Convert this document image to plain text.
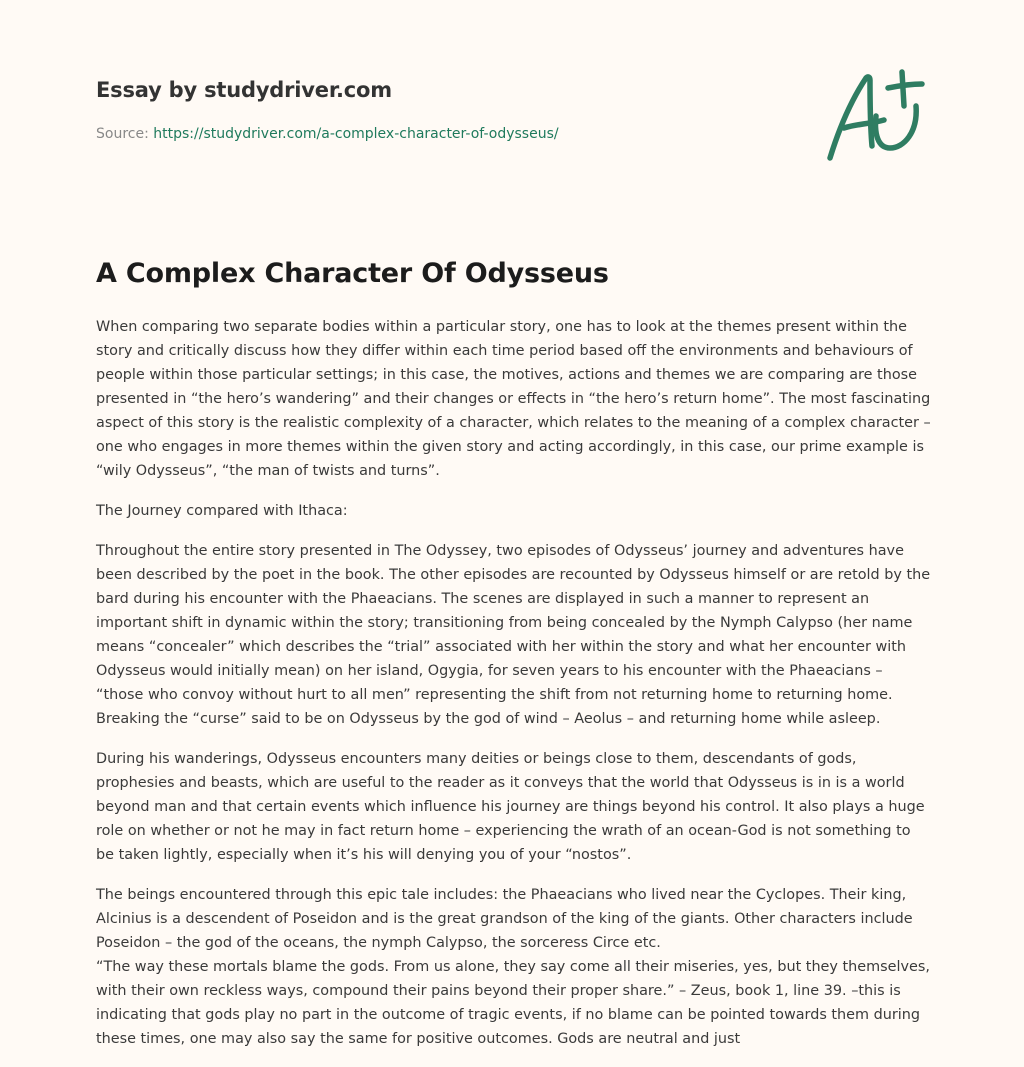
Essay by studydriver.com
Source: https://studydriver.com/a-complex-character-of-odysseus/
A Complex Character Of Odysseus

When comparing two separate bodies within a particular story, one has to look at the themes present within the story and critically discuss how they differ within each time period based off the environments and behaviours of people within those particular settings; in this case, the motives, actions and themes we are comparing are those presented in “the hero’s wandering” and their changes or effects in “the hero’s return home”. The most fascinating aspect of this story is the realistic complexity of a character, which relates to the meaning of a complex character – one who engages in more themes within the given story and acting accordingly, in this case, our prime example is “wily Odysseus”, “the man of twists and turns”.

The Journey compared with Ithaca:

Throughout the entire story presented in The Odyssey, two episodes of Odysseus’ journey and adventures have been described by the poet in the book. The other episodes are recounted by Odysseus himself or are retold by the bard during his encounter with the Phaeacians. The scenes are displayed in such a manner to represent an important shift in dynamic within the story; transitioning from being concealed by the Nymph Calypso (her name means “concealer” which describes the “trial” associated with her within the story and what her encounter with Odysseus would initially mean) on her island, Ogygia, for seven years to his encounter with the Phaeacians – “those who convoy without hurt to all men” representing the shift from not returning home to returning home. Breaking the “curse” said to be on Odysseus by the god of wind – Aeolus – and returning home while asleep.

During his wanderings, Odysseus encounters many deities or beings close to them, descendants of gods, prophesies and beasts, which are useful to the reader as it conveys that the world that Odysseus is in is a world beyond man and that certain events which influence his journey are things beyond his control. It also plays a huge role on whether or not he may in fact return home – experiencing the wrath of an ocean-God is not something to be taken lightly, especially when it’s his will denying you of your “nostos”.

The beings encountered through this epic tale includes: the Phaeacians who lived near the Cyclopes. Their king, Alcinius is a descendent of Poseidon and is the great grandson of the king of the giants. Other characters include Poseidon – the god of the oceans, the nymph Calypso, the sorceress Circe etc.

“The way these mortals blame the gods. From us alone, they say come all their miseries, yes, but they themselves, with their own reckless ways, compound their pains beyond their proper share.” – Zeus, book 1, line 39. –this is indicating that gods play no part in the outcome of tragic events, if no blame can be pointed towards them during these times, one may also say the same for positive outcomes. Gods are neutral and just
